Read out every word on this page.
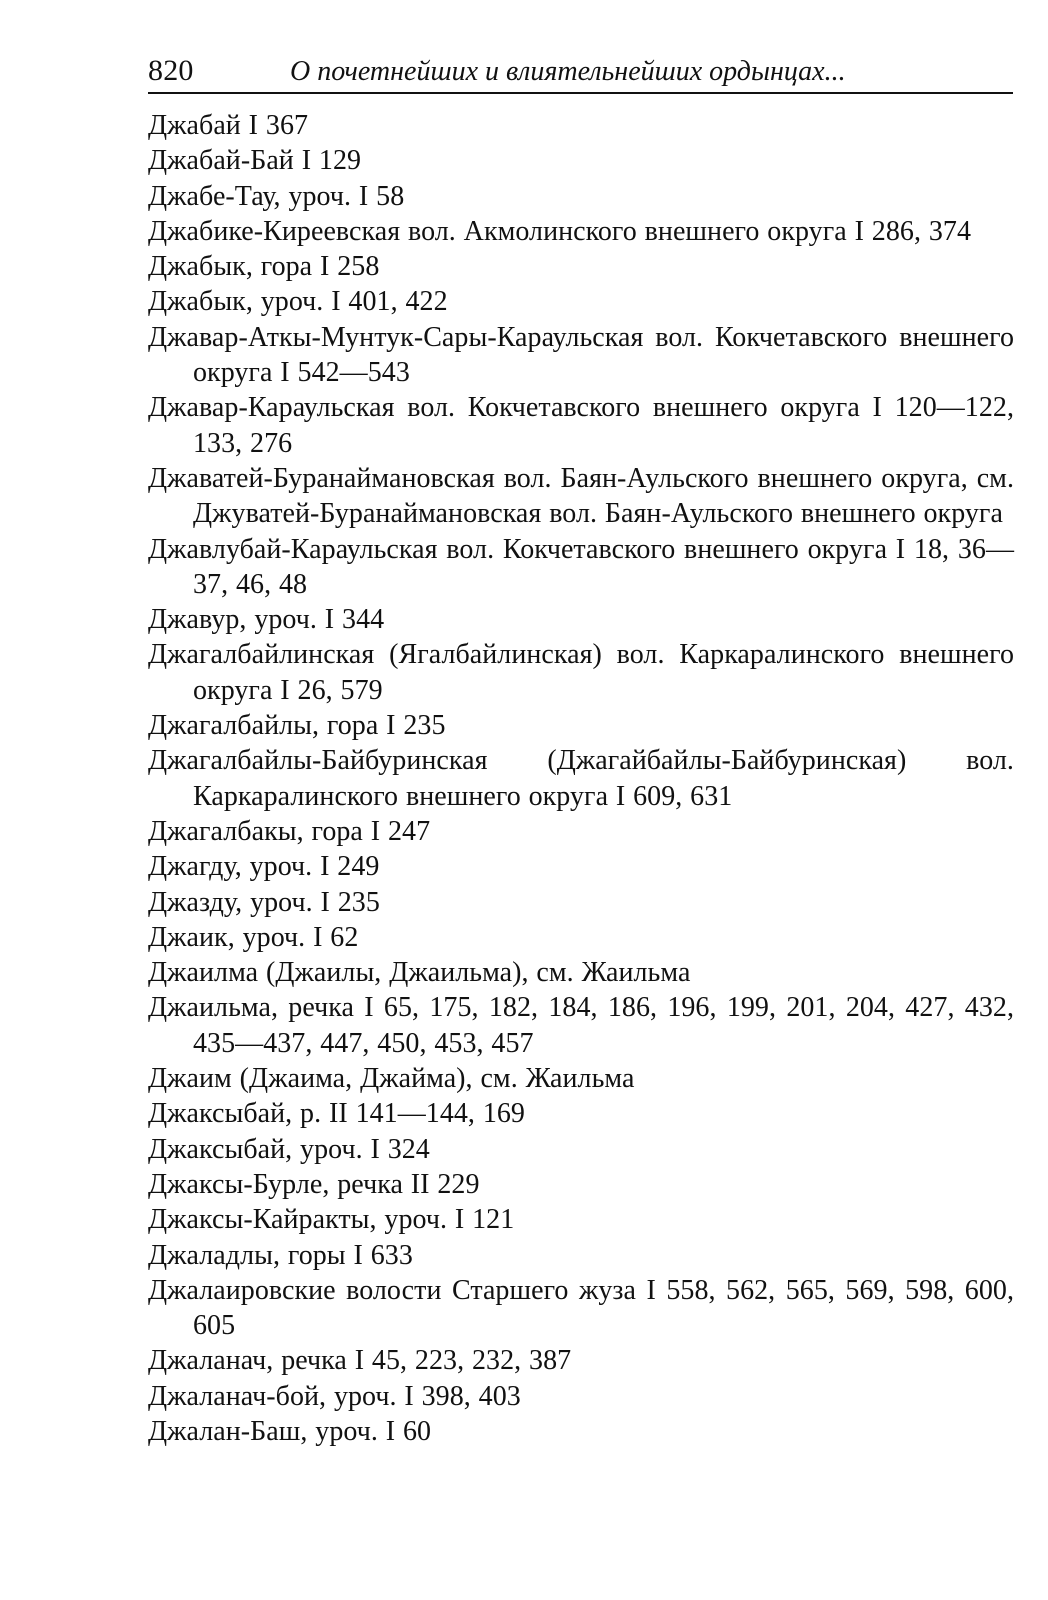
820	О почетнейших и влиятельнейших ордынцах...
Джабай I 367
Джабай-Бай I 129
Джабе-Тау, уроч. I 58
Джабике-Киреевская вол. Акмолинского внешнего округа I 286, 374
Джабык, гора I 258
Джабык, уроч. I 401, 422
Джавар-Аткы-Мунтук-Сары-Караульская вол. Кокчетавского внешнего округа I 542—543
Джавар-Караульская вол. Кокчетавского внешнего округа I 120—122, 133, 276
Джаватей-Буранаймановская вол. Баян-Аульского внешнего округа, см. Джуватей-Буранаймановская вол. Баян-Аульского внешнего округа
Джавлубай-Караульская вол. Кокчетавского внешнего округа I 18, 36—37, 46, 48
Джавур, уроч. I 344
Джагалбайлинская (Ягалбайлинская) вол. Каркаралинского внешнего округа I 26, 579
Джагалбайлы, гора I 235
Джагалбайлы-Байбуринская (Джагайбайлы-Байбуринская) вол. Каркаралинского внешнего округа I 609, 631
Джагалбакы, гора I 247
Джагду, уроч. I 249
Джазду, уроч. I 235
Джаик, уроч. I 62
Джаилма (Джаилы, Джаильма), см. Жаильма
Джаильма, речка I 65, 175, 182, 184, 186, 196, 199, 201, 204, 427, 432, 435—437, 447, 450, 453, 457
Джаим (Джаима, Джайма), см. Жаильма
Джаксыбай, р. II 141—144, 169
Джаксыбай, уроч. I 324
Джаксы-Бурле, речка II 229
Джаксы-Кайракты, уроч. I 121
Джаладлы, горы I 633
Джалаировские волости Старшего жуза I 558, 562, 565, 569, 598, 600, 605
Джаланач, речка I 45, 223, 232, 387
Джаланач-бой, уроч. I 398, 403
Джалан-Баш, уроч. I 60
